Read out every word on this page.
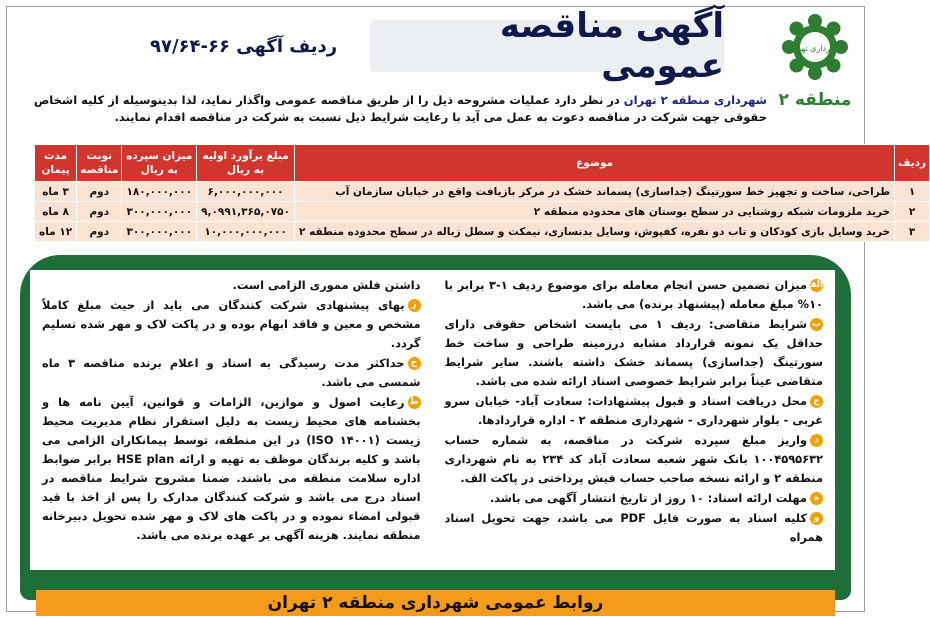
شهرداری تهران
منطقه ۲
آگهی مناقصه عمومی
ردیف آگهی ۶۶-۹۷/۶۴
شهرداری منطقه ۲ تهران در نظر دارد عملیات مشروحه ذیل را از طریق مناقصه عمومی واگذار نماید، لذا بدینوسیله از کلیه اشخاص حقوقی جهت شرکت در مناقصه دعوت به عمل می آید با رعایت شرایط ذیل نسبت به شرکت در مناقصه اقدام نمایند.
ردیف	موضوع	مبلغ برآورد اولیه به ریال	میزان سپرده به ریال	نوبت مناقصه	مدت پیمان
۱	طراحی، ساخت و تجهیز خط سورتینگ (جداسازی) پسماند خشک در مرکز بازیافت واقع در خیابان سازمان آب	۶,۰۰۰,۰۰۰,۰۰۰	۱۸۰,۰۰۰,۰۰۰	دوم	۳ ماه
۲	خرید ملزومات شبکه روشنایی در سطح بوستان های محدوده منطقه ۲	۹,۰۹۹۱,۳۶۵,۰۷۵۰	۳۰۰,۰۰۰,۰۰۰	دوم	۸ ماه
۳	خرید وسایل بازی کودکان و تاب دو نفره، کفپوش، وسایل بدنسازی، نیمکت و سطل زباله در سطح محدوده منطقه ۲	۱۰,۰۰۰,۰۰۰,۰۰۰	۳۰۰,۰۰۰,۰۰۰	دوم	۱۲ ماه

الفمیزان تضمین حسن انجام معامله برای موضوع ردیف ۱-۳ برابر با ۱۰% مبلغ معامله (پیشنهاد برنده) می باشد.

بشرایط متقاضی: ردیف ۱ می بایست اشخاص حقوقی دارای حداقل یک نمونه قرارداد مشابه درزمینه طراحی و ساخت خط سورتینگ (جداسازی) پسماند خشک داشته باشند. سایر شرایط متقاضی عیناً برابر شرایط خصوصی اسناد ارائه شده می باشد.

جمحل دریافت اسناد و قبول پیشنهادات: سعادت آباد- خیابان سرو غربی - بلوار شهرداری - شهرداری منطقه ۲ - اداره قراردادها.

دواریز مبلغ سپرده شرکت در مناقصه، به شماره حساب ۱۰۰۴۵۹۵۶۳۲ بانک شهر شعبه سعادت آباد کد ۲۳۴ به نام شهرداری منطقه ۲ و ارائه نسخه صاحب حساب فیش پرداختی در پاکت الف.

همهلت ارائه اسناد: ۱۰ روز از تاریخ انتشار آگهی می باشد.

وکلیه اسناد به صورت فایل PDF می باشد، جهت تحویل اسناد همراه

داشتن فلش مموری الزامی است.

زبهای پیشنهادی شرکت کنندگان می باید از حیث مبلغ کاملاً مشخص و معین و فاقد ابهام بوده و در پاکت لاک و مهر شده تسلیم گردد.

ححداکثر مدت رسیدگی به اسناد و اعلام برنده مناقصه ۳ ماه شمسی می باشد.

طرعایت اصول و موازین، الزامات و قوانین، آیین نامه ها و بخشنامه های محیط زیست به دلیل استقرار نظام مدیریت محیط زیست (ISO ۱۴۰۰۱) در این منطقه، توسط پیمانکاران الزامی می باشد و کلیه برندگان موظف به تهیه و ارائه HSE plan برابر ضوابط اداره سلامت منطقه می باشند. ضمنا مشروح شرایط مناقصه در اسناد درج می باشد و شرکت کنندگان مدارک را پس از اخذ با قید قبولی امضاء نموده و در پاکت های لاک و مهر شده تحویل دبیرخانه منطقه نمایند. هزینه آگهی بر عهده برنده می باشد.

روابط عمومی شهرداری منطقه ۲ تهران
